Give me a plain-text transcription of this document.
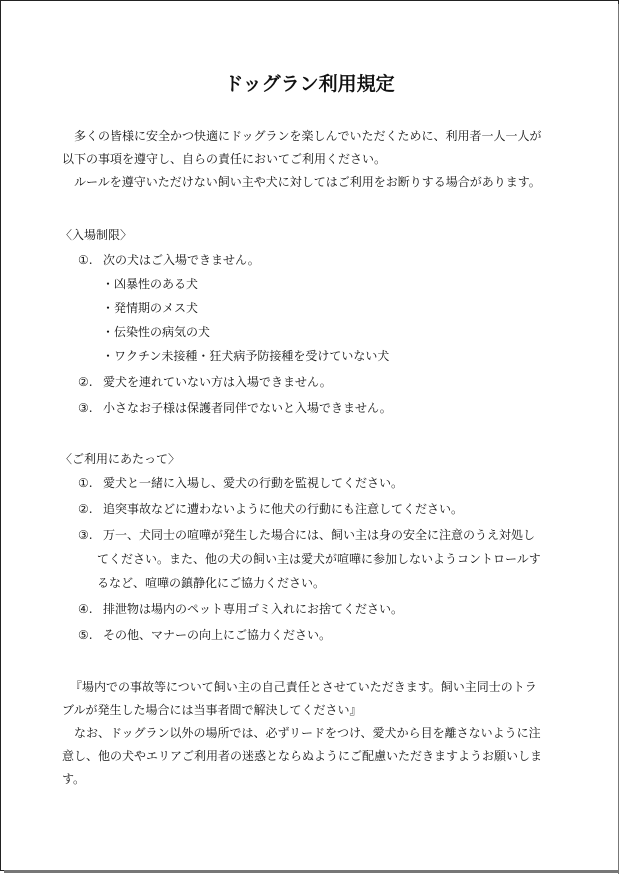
ドッグラン利用規定
多くの皆様に安全かつ快適にドッグランを楽しんでいただくために、利用者一人一人が
以下の事項を遵守し、自らの責任においてご利用ください。
ルールを遵守いただけない飼い主や犬に対してはご利用をお断りする場合があります。
〈入場制限〉
①. 次の犬はご入場できません。
・凶暴性のある犬
・発情期のメス犬
・伝染性の病気の犬
・ワクチン未接種・狂犬病予防接種を受けていない犬
②. 愛犬を連れていない方は入場できません。
③. 小さなお子様は保護者同伴でないと入場できません。
〈ご利用にあたって〉
①. 愛犬と一緒に入場し、愛犬の行動を監視してください。
②. 追突事故などに遭わないように他犬の行動にも注意してください。
③. 万一、犬同士の喧嘩が発生した場合には、飼い主は身の安全に注意のうえ対処し
てください。また、他の犬の飼い主は愛犬が喧嘩に参加しないようコントロールす
るなど、喧嘩の鎮静化にご協力ください。
④. 排泄物は場内のペット専用ゴミ入れにお捨てください。
⑤. その他、マナーの向上にご協力ください。
『場内での事故等について飼い主の自己責任とさせていただきます。飼い主同士のトラ
ブルが発生した場合には当事者間で解決してください』
なお、ドッグラン以外の場所では、必ずリードをつけ、愛犬から目を離さないように注
意し、他の犬やエリアご利用者の迷惑とならぬようにご配慮いただきますようお願いしま
す。
